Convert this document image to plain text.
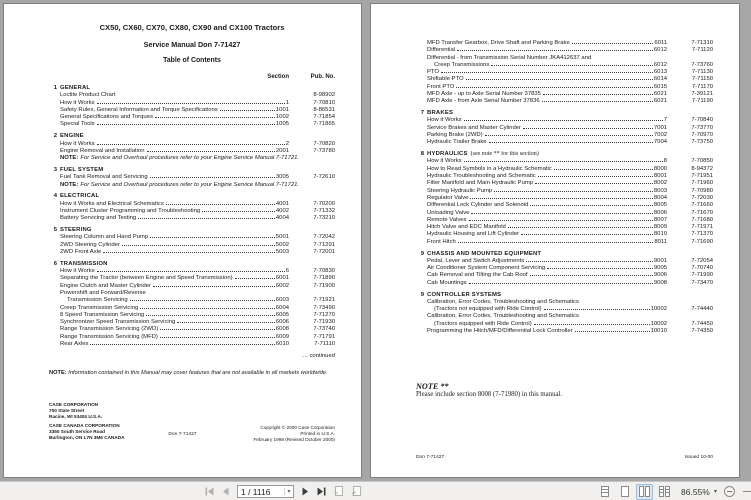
CX50, CX60, CX70, CX80, CX90 and CX100 Tractors
Service Manual Don 7-71427
Table of Contents
Section	Pub. No.
1 GENERAL
Loctite Product Chart	8-98902
How it Works	1	7-70810
Safety Rules, General Information and Torque Specifications	1001	8-86531
General Specifications and Torques	1002	7-71854
Special Tools	1005	7-71865
2 ENGINE
How it Works	2	7-70820
Engine Removal and Installation	2001	7-73780
NOTE: For Service and Overhaul procedures refer to your Engine Service Manual 7-71721.
3 FUEL SYSTEM
Fuel Tank Removal and Servicing	3005	7-72610
NOTE: For Service and Overhaul procedures refer to your Engine Service Manual 7-71721.
4 ELECTRICAL
How it Works and Electrical Schematics	4001	7-70200
Instrument Cluster Programming and Troubleshooting	4002	7-71332
Battery Servicing and Testing	4004	7-73210
5 STEERING
Steering Column and Hand Pump	5001	7-72042
2WD Steering Cylinder	5002	7-71291
2WD Front Axle	5003	7-72001
6 TRANSMISSION
How it Works	6	7-70830
Separating the Tractor (between Engine and Speed Transmission)	6001	7-71890
Engine Clutch and Master Cylinder	6002	7-71900
Powershift and Forward/Reverse
Transmission Servicing	6003	7-71921
Creep Transmission Servicing	6004	7-73490
8 Speed Transmission Servicing	6005	7-71270
Synchronizer Speed Transmission Servicing	6006	7-71930
Range Transmission Servicing (2WD)	6008	7-73740
Range Transmission Servicing (MFD)	6009	7-71791
Rear Axles	6010	7-71110
... continued
NOTE: Information contained in this Manual may cover features that are not available in all markets worldwide.
CASE CORPORATION
700 State Street
Racine, WI 53404 U.S.A.
CASE CANADA CORPORATION
3350 South Service Road
Burlington, ON L7N 3M6 CANADA
Don 7-71427
Copyright © 2000 Case Corporation
Printed in U.S.A.
February 1998 (Revised October 2000)
MFD Transfer Gearbox, Drive Shaft and Parking Brake	6011	7-71310
Differential	6012	7-71120
Differential - from Transmission Serial Number JKA412637 and
Creep Transmissions	6012	7-73760
PTO	6013	7-71130
Shiftable PTO	6014	7-71150
Front PTO	6015	7-71170
MFD Axle - up to Axle Serial Number 37835	6021	7-39121
MFD Axle - from Axle Serial Number 37836	6021	7-71190
7 BRAKES
How it Works	7	7-70840
Service Brakes and Master Cylinder	7001	7-73770
Parking Brake (2WD)	7002	7-70970
Hydraulic Trailer Brake	7004	7-73750
8 HYDRAULICS (see note ** for this section)
How it Works	8	7-70850
How to Read Symbols in a Hydraulic Schematic	8000	8-94372
Hydraulic Troubleshooting and Schematic	8001	7-71951
Filter Manifold and Main Hydraulic Pump	8002	7-71960
Steering Hydraulic Pump	8003	7-70980
Regulator Valve	8004	7-72030
Differential Lock Cylinder and Solenoid	8005	7-71660
Unloading Valve	8006	7-71670
Remote Valves	8007	7-71680
Hitch Valve and EDC Manifold	8009	7-71971
Hydraulic Housing and Lift Cylinder	8010	7-71370
Front Hitch	8011	7-71690
9 CHASSIS AND MOUNTED EQUIPMENT
Pedal, Lever and Switch Adjustments	9001	7-72054
Air Conditioner System Component Servicing	9005	7-70740
Cab Removal and Tilting the Cab Roof	9006	7-71990
Cab Mountings	9008	7-73470
9 CONTROLLER SYSTEMS
Calibration, Error Codes, Troubleshooting and Schematics
(Tractors not equipped with Ride Control)	10002	7-74440
Calibration, Error Codes, Troubleshooting and Schematics
(Tractors equipped with Ride Control)	10002	7-74450
Programming the Hitch/MFD/Differential Lock Controller	10010	7-74350
NOTE **
Please include section 8008 (7-71980) in this manual.
Don 7-71427	Issued 10-00
1 / 1116	▾	↰ ↱	86.55% ▾
